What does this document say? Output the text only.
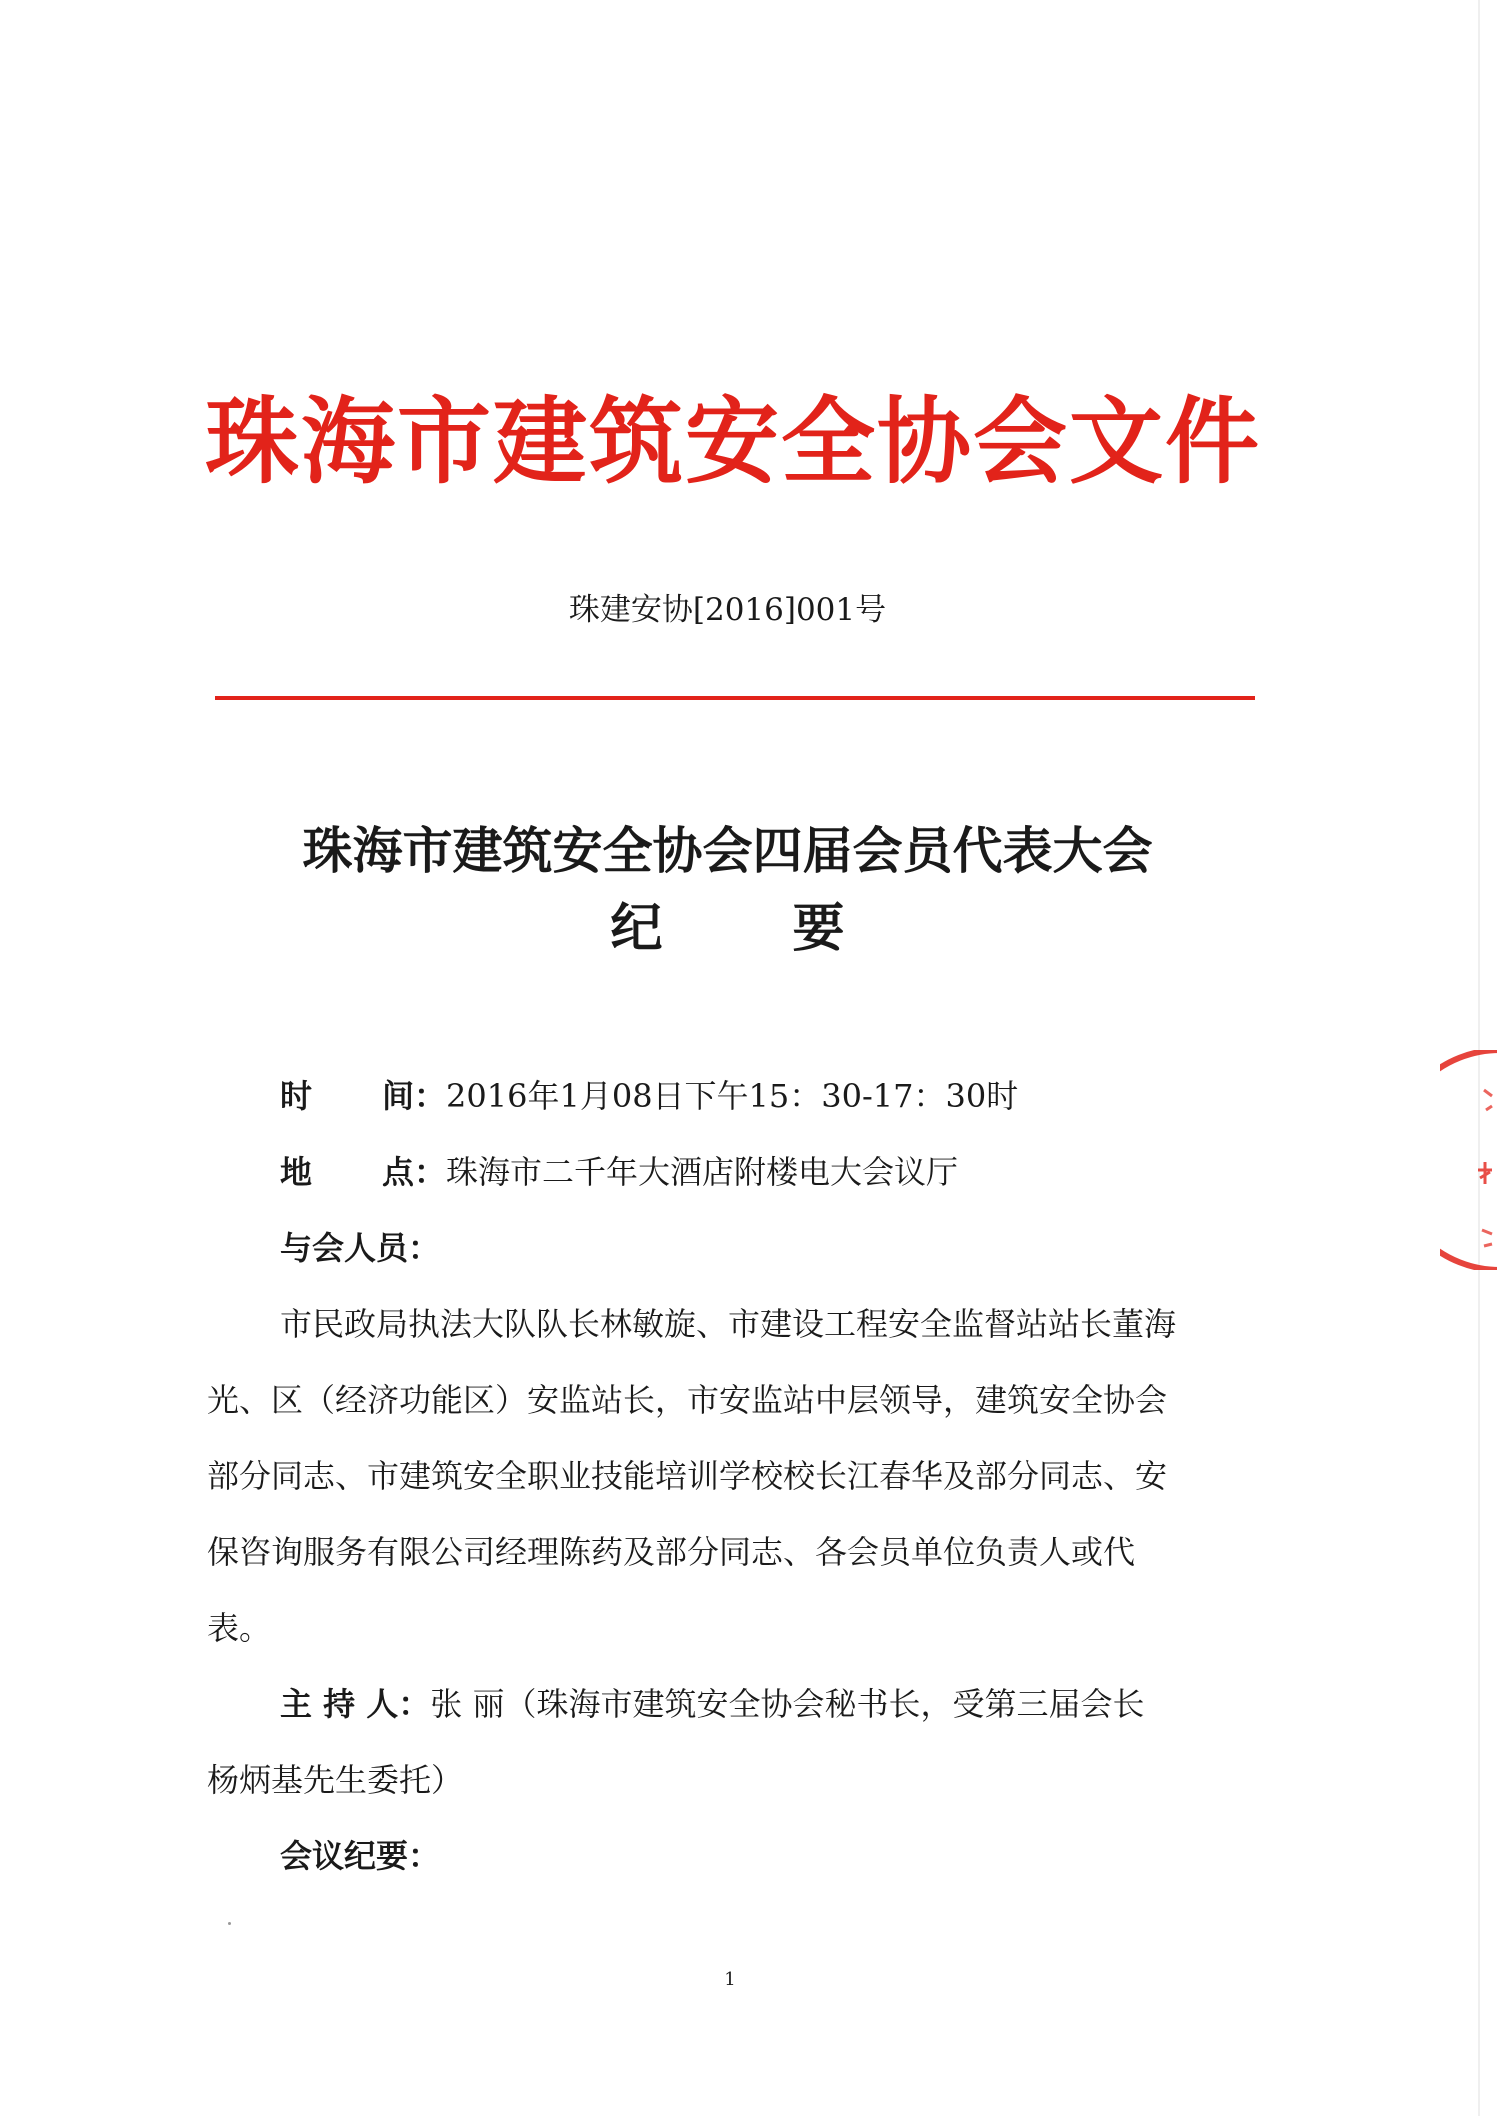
珠海市建筑安全协会文件
珠建安协[2016]001号
珠海市建筑安全协会四届会员代表大会
纪	要
时 间：2016年1月08日下午15：30-17：30时
地 点：珠海市二千年大酒店附楼电大会议厅
与会人员：
市民政局执法大队队长林敏旋、市建设工程安全监督站站长董海
光、区（经济功能区）安监站长，市安监站中层领导，建筑安全协会
部分同志、市建筑安全职业技能培训学校校长江春华及部分同志、安
保咨询服务有限公司经理陈药及部分同志、各会员单位负责人或代
表。
主 持 人：张 丽（珠海市建筑安全协会秘书长，受第三届会长
杨炳基先生委托）
会议纪要：
1
